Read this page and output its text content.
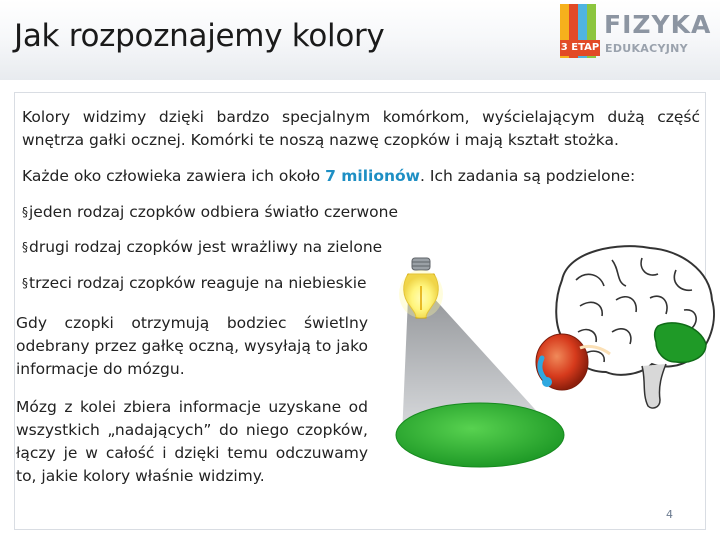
Jak rozpoznajemy kolory	3 ETAP
FIZYKA
EDUKACYJNY
Kolory widzimy dzięki bardzo specjalnym komórkom, wyścielającym dużą część wnętrza gałki ocznej. Komórki te noszą nazwę czopków i mają kształt stożka.
Każde oko człowieka zawiera ich około 7 milionów. Ich zadania są podzielone:
§jeden rodzaj czopków odbiera światło czerwone
§drugi rodzaj czopków jest wrażliwy na zielone
§trzeci rodzaj czopków reaguje na niebieskie
Gdy czopki otrzymują bodziec świetlny odebrany przez gałkę oczną, wysyłają to jako informacje do mózgu.
Mózg z kolei zbiera informacje uzyskane od wszystkich „nadających” do niego czopków, łączy je w całość i dzięki temu odczuwamy to, jakie kolory właśnie widzimy.
4
